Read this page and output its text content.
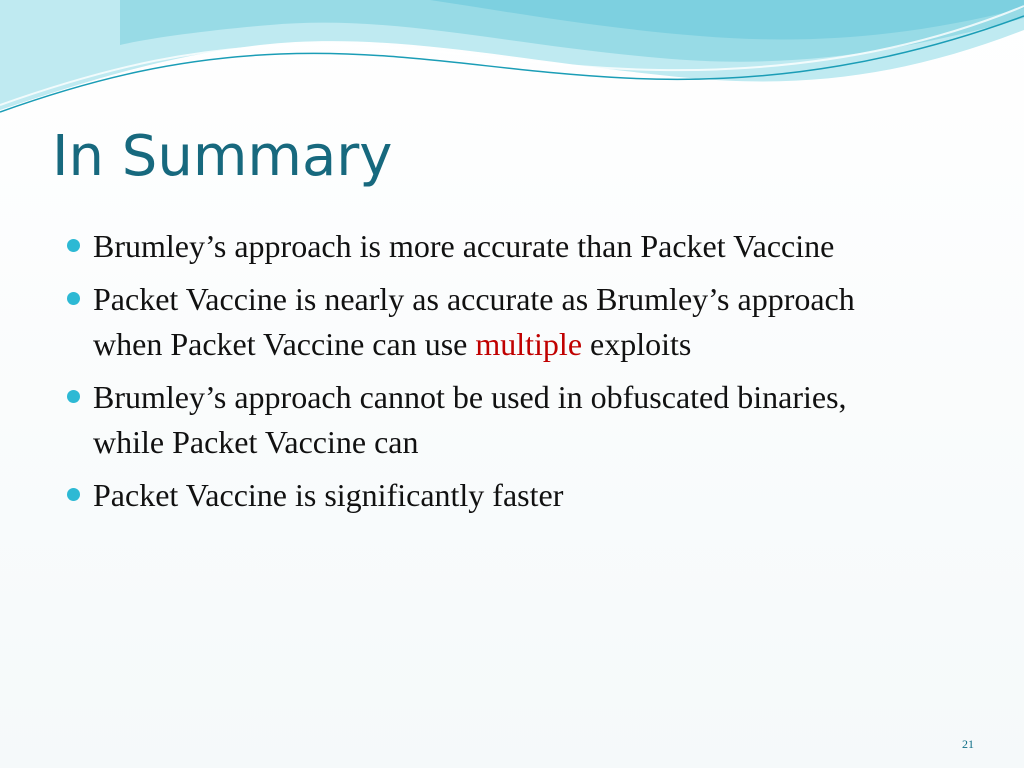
In Summary
Brumley’s approach is more accurate than Packet Vaccine
Packet Vaccine is nearly as accurate as Brumley’s approach when Packet Vaccine can use multiple exploits
Brumley’s approach cannot be used in obfuscated binaries, while Packet Vaccine can
Packet Vaccine is significantly faster
21
